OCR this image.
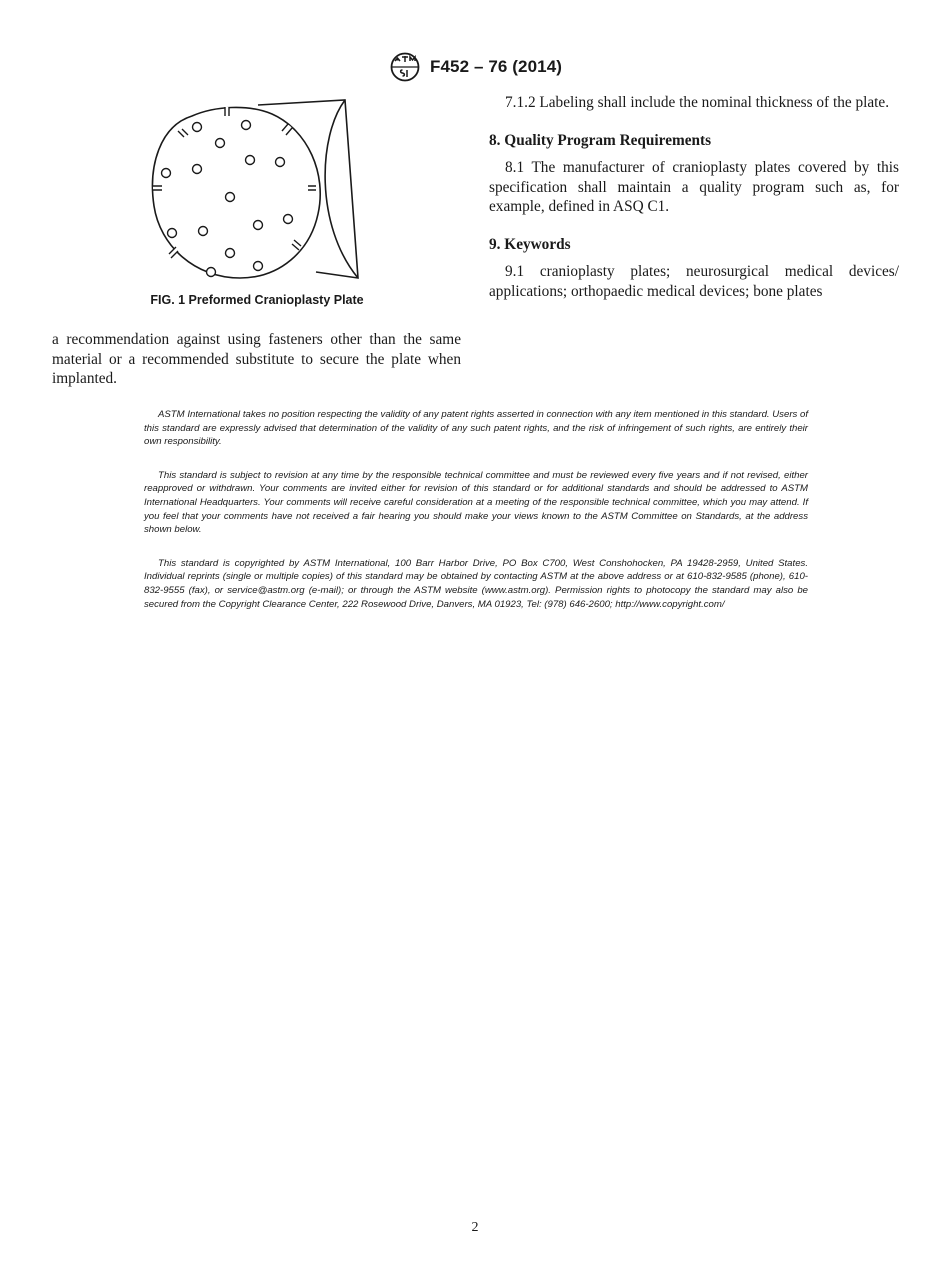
F452 – 76 (2014)
FIG. 1 Preformed Cranioplasty Plate

a recommendation against using fasteners other than the same material or a recommended substitute to secure the plate when implanted.

7.1.2 Labeling shall include the nominal thickness of the plate.

8. Quality Program Requirements

8.1 The manufacturer of cranioplasty plates covered by this specification shall maintain a quality program such as, for example, defined in ASQ C1.

9. Keywords

9.1 cranioplasty plates; neurosurgical medical devices/ applications; orthopaedic medical devices; bone plates

ASTM International takes no position respecting the validity of any patent rights asserted in connection with any item mentioned in this standard. Users of this standard are expressly advised that determination of the validity of any such patent rights, and the risk of infringement of such rights, are entirely their own responsibility.

This standard is subject to revision at any time by the responsible technical committee and must be reviewed every five years and if not revised, either reapproved or withdrawn. Your comments are invited either for revision of this standard or for additional standards and should be addressed to ASTM International Headquarters. Your comments will receive careful consideration at a meeting of the responsible technical committee, which you may attend. If you feel that your comments have not received a fair hearing you should make your views known to the ASTM Committee on Standards, at the address shown below.

This standard is copyrighted by ASTM International, 100 Barr Harbor Drive, PO Box C700, West Conshohocken, PA 19428-2959, United States. Individual reprints (single or multiple copies) of this standard may be obtained by contacting ASTM at the above address or at 610-832-9585 (phone), 610-832-9555 (fax), or service@astm.org (e-mail); or through the ASTM website (www.astm.org). Permission rights to photocopy the standard may also be secured from the Copyright Clearance Center, 222 Rosewood Drive, Danvers, MA 01923, Tel: (978) 646-2600; http://www.copyright.com/

2
